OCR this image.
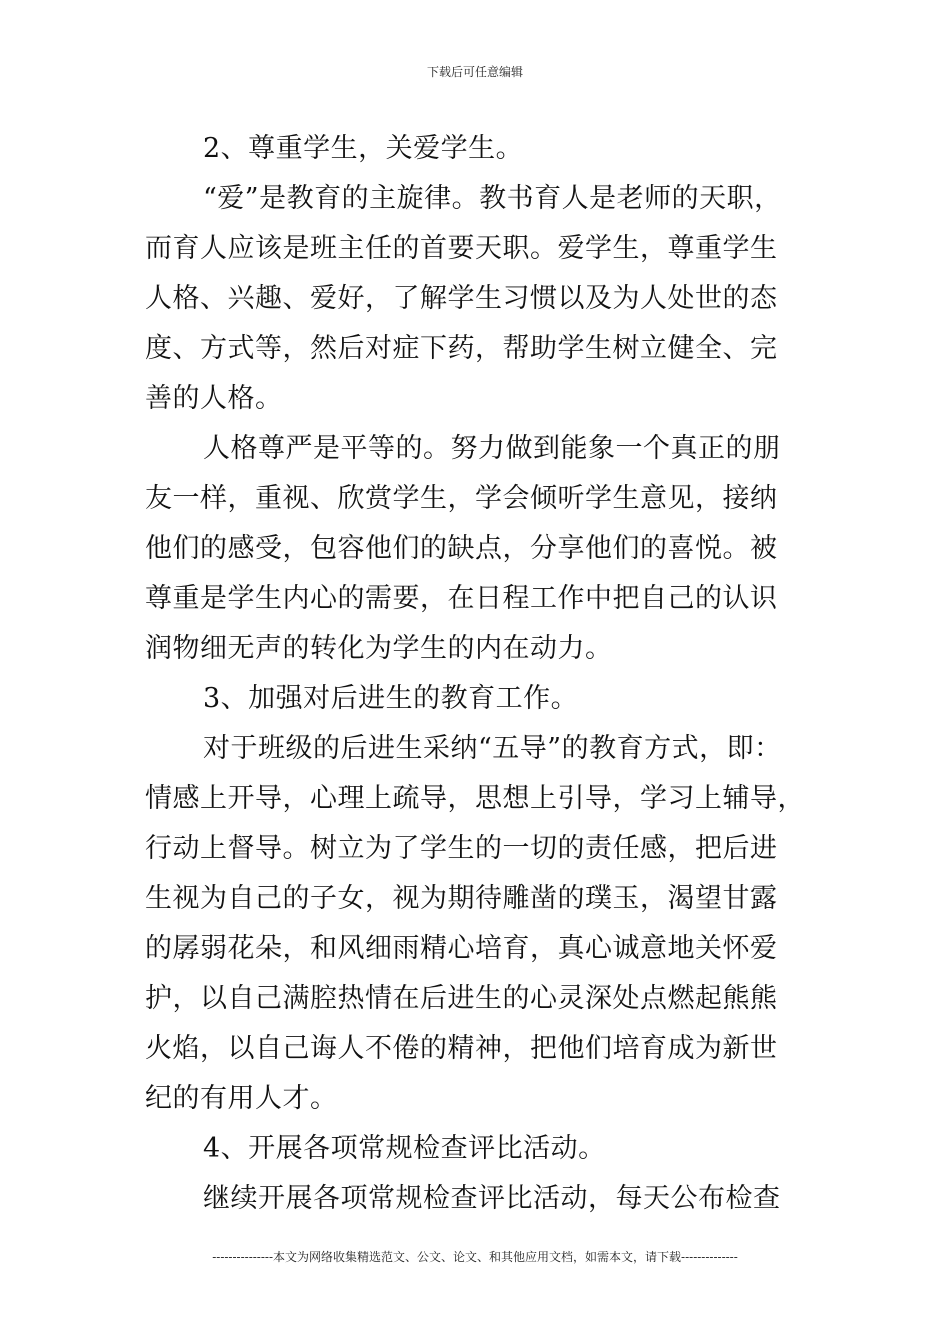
下载后可任意编辑
2、尊重学生，关爱学生。
“爱”是教育的主旋律。教书育人是老师的天职，
而育人应该是班主任的首要天职。爱学生，尊重学生
人格、兴趣、爱好，了解学生习惯以及为人处世的态
度、方式等，然后对症下药，帮助学生树立健全、完
善的人格。
人格尊严是平等的。努力做到能象一个真正的朋
友一样，重视、欣赏学生，学会倾听学生意见，接纳
他们的感受，包容他们的缺点，分享他们的喜悦。被
尊重是学生内心的需要，在日程工作中把自己的认识
润物细无声的转化为学生的内在动力。
3、加强对后进生的教育工作。
对于班级的后进生采纳“五导”的教育方式，即：
情感上开导，心理上疏导，思想上引导，学习上辅导，
行动上督导。树立为了学生的一切的责任感，把后进
生视为自己的子女，视为期待雕凿的璞玉，渴望甘露
的孱弱花朵，和风细雨精心培育，真心诚意地关怀爱
护，以自己满腔热情在后进生的心灵深处点燃起熊熊
火焰，以自己诲人不倦的精神，把他们培育成为新世
纪的有用人才。
4、开展各项常规检查评比活动。
继续开展各项常规检查评比活动，每天公布检查
---------------本文为网络收集精选范文、公文、论文、和其他应用文档，如需本文，请下载--------------
